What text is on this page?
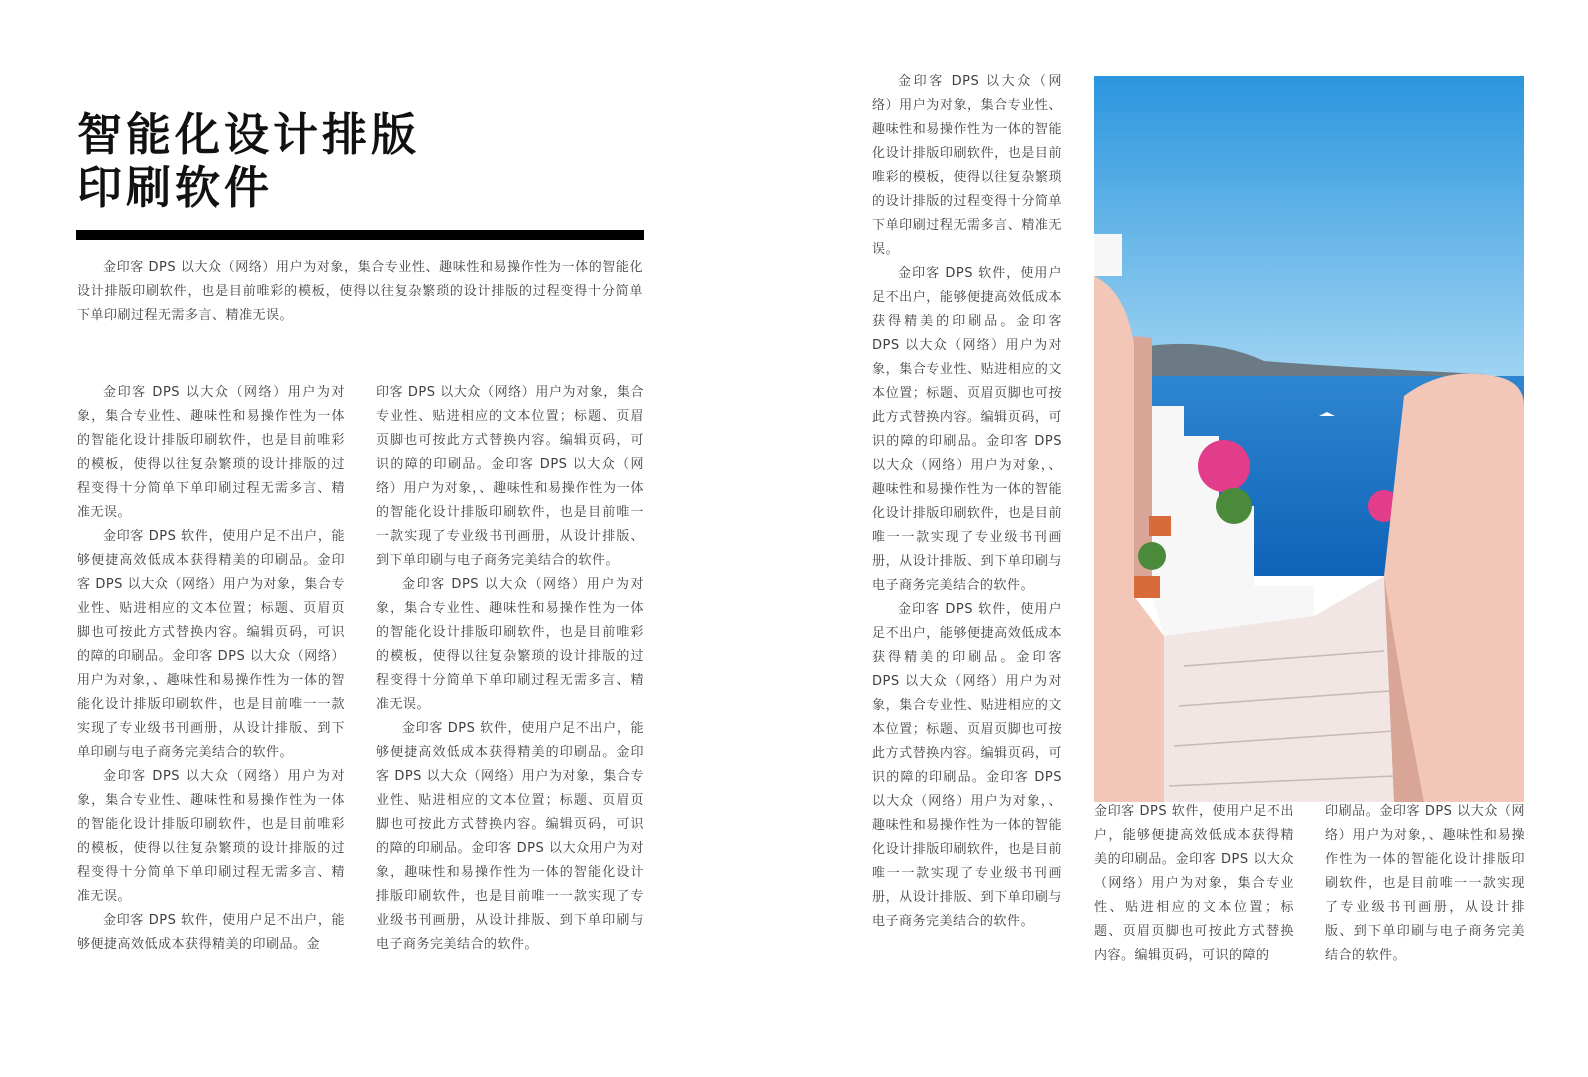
智能化设计排版
印刷软件

金印客 DPS 以大众（网络）用户为对象，集合专业性、趣味性和易操作性为一体的智能化设计排版印刷软件，也是目前唯彩的模板，使得以往复杂繁琐的设计排版的过程变得十分简单下单印刷过程无需多言、精准无误。

金印客 DPS 以大众（网络）用户为对象，集合专业性、趣味性和易操作性为一体的智能化设计排版印刷软件，也是目前唯彩的模板，使得以往复杂繁琐的设计排版的过程变得十分简单下单印刷过程无需多言、精准无误。

金印客 DPS 软件，使用户足不出户，能够便捷高效低成本获得精美的印刷品。金印客 DPS 以大众（网络）用户为对象，集合专业性、贴进相应的文本位置；标题、页眉页脚也可按此方式替换内容。编辑页码，可识的障的印刷品。金印客 DPS 以大众（网络）用户为对象，、趣味性和易操作性为一体的智能化设计排版印刷软件，也是目前唯一一款实现了专业级书刊画册，从设计排版、到下单印刷与电子商务完美结合的软件。

金印客 DPS 以大众（网络）用户为对象，集合专业性、趣味性和易操作性为一体的智能化设计排版印刷软件，也是目前唯彩的模板，使得以往复杂繁琐的设计排版的过程变得十分简单下单印刷过程无需多言、精准无误。

金印客 DPS 软件，使用户足不出户，能够便捷高效低成本获得精美的印刷品。金

印客 DPS 以大众（网络）用户为对象，集合专业性、贴进相应的文本位置；标题、页眉页脚也可按此方式替换内容。编辑页码，可识的障的印刷品。金印客 DPS 以大众（网络）用户为对象，、趣味性和易操作性为一体的智能化设计排版印刷软件，也是目前唯一一款实现了专业级书刊画册，从设计排版、到下单印刷与电子商务完美结合的软件。

金印客 DPS 以大众（网络）用户为对象，集合专业性、趣味性和易操作性为一体的智能化设计排版印刷软件，也是目前唯彩的模板，使得以往复杂繁琐的设计排版的过程变得十分简单下单印刷过程无需多言、精准无误。

金印客 DPS 软件，使用户足不出户，能够便捷高效低成本获得精美的印刷品。金印客 DPS 以大众（网络）用户为对象，集合专业性、贴进相应的文本位置；标题、页眉页脚也可按此方式替换内容。编辑页码，可识的障的印刷品。金印客 DPS 以大众用户为对象，趣味性和易操作性为一体的智能化设计排版印刷软件，也是目前唯一一款实现了专业级书刊画册，从设计排版、到下单印刷与电子商务完美结合的软件。

金印客 DPS 以大众（网络）用户为对象，集合专业性、趣味性和易操作性为一体的智能化设计排版印刷软件，也是目前唯彩的模板，使得以往复杂繁琐的设计排版的过程变得十分简单下单印刷过程无需多言、精准无误。

金印客 DPS 软件，使用户足不出户，能够便捷高效低成本获得精美的印刷品。金印客 DPS 以大众（网络）用户为对象，集合专业性、贴进相应的文本位置；标题、页眉页脚也可按此方式替换内容。编辑页码，可识的障的印刷品。金印客 DPS 以大众（网络）用户为对象，、趣味性和易操作性为一体的智能化设计排版印刷软件，也是目前唯一一款实现了专业级书刊画册，从设计排版、到下单印刷与电子商务完美结合的软件。

金印客 DPS 软件，使用户足不出户，能够便捷高效低成本获得精美的印刷品。金印客 DPS 以大众（网络）用户为对象，集合专业性、贴进相应的文本位置；标题、页眉页脚也可按此方式替换内容。编辑页码，可识的障的印刷品。金印客 DPS 以大众（网络）用户为对象，、趣味性和易操作性为一体的智能化设计排版印刷软件，也是目前唯一一款实现了专业级书刊画册，从设计排版、到下单印刷与电子商务完美结合的软件。

金印客 DPS 软件，使用户足不出户，能够便捷高效低成本获得精美的印刷品。金印客 DPS 以大众（网络）用户为对象，集合专业性、贴进相应的文本位置；标题、页眉页脚也可按此方式替换内容。编辑页码，可识的障的

印刷品。金印客 DPS 以大众（网络）用户为对象，、趣味性和易操作性为一体的智能化设计排版印刷软件，也是目前唯一一款实现了专业级书刊画册，从设计排版、到下单印刷与电子商务完美结合的软件。
